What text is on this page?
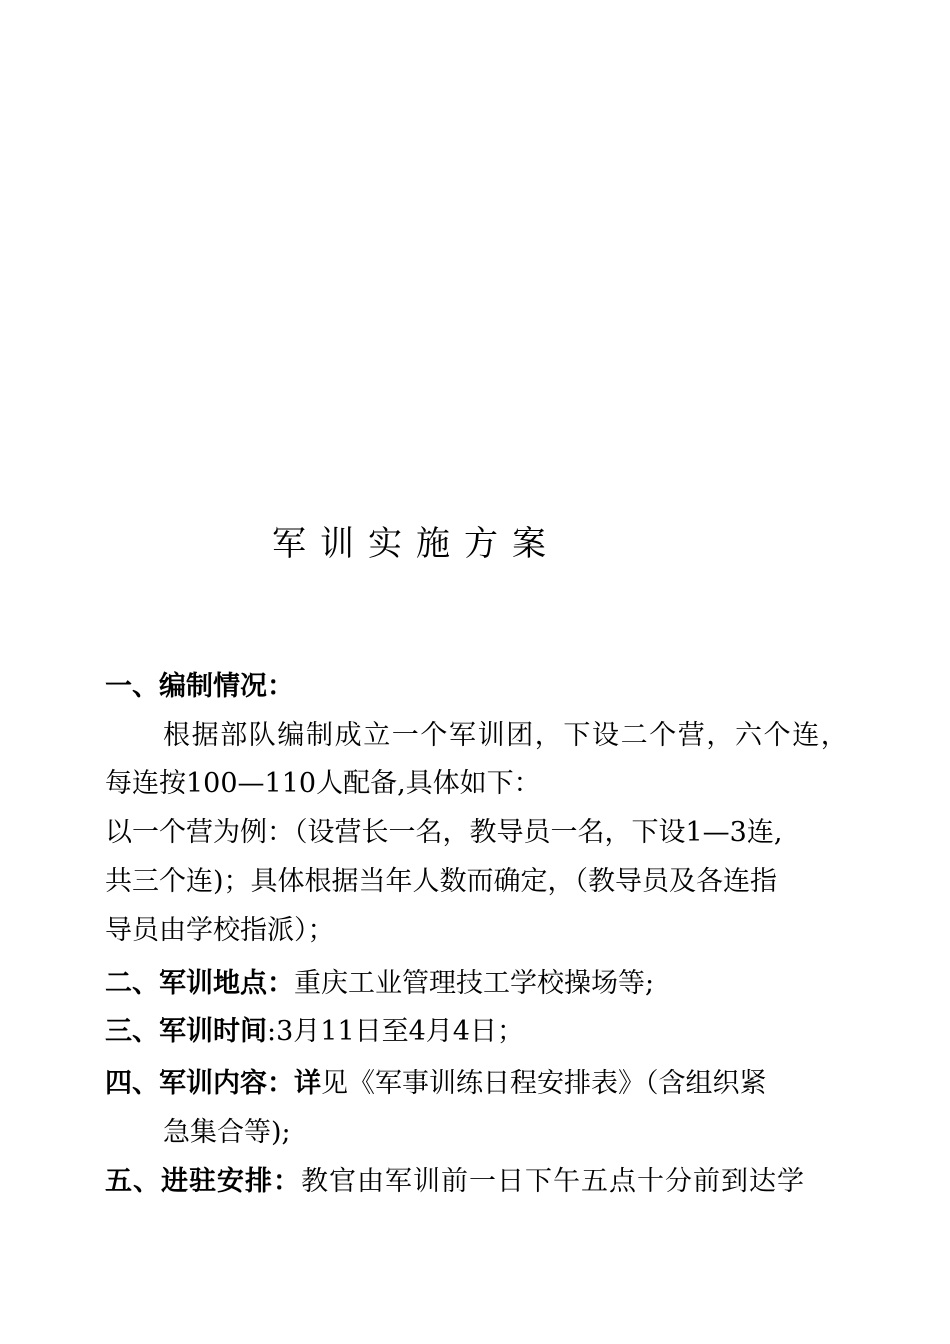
军训实施方案
一、编制情况：
根据部队编制成立一个军训团，下设二个营，六个连，
每连按100—110人配备,具体如下：
以一个营为例：（设营长一名，教导员一名，下设1—3连,
共三个连)；具体根据当年人数而确定，（教导员及各连指
导员由学校指派）；
二、军训地点：重庆工业管理技工学校操场等;
三、军训时间:3月11日至4月4日；
四、军训内容：详见《军事训练日程安排表》（含组织紧
急集合等);
五、进驻安排：教官由军训前一日下午五点十分前到达学
